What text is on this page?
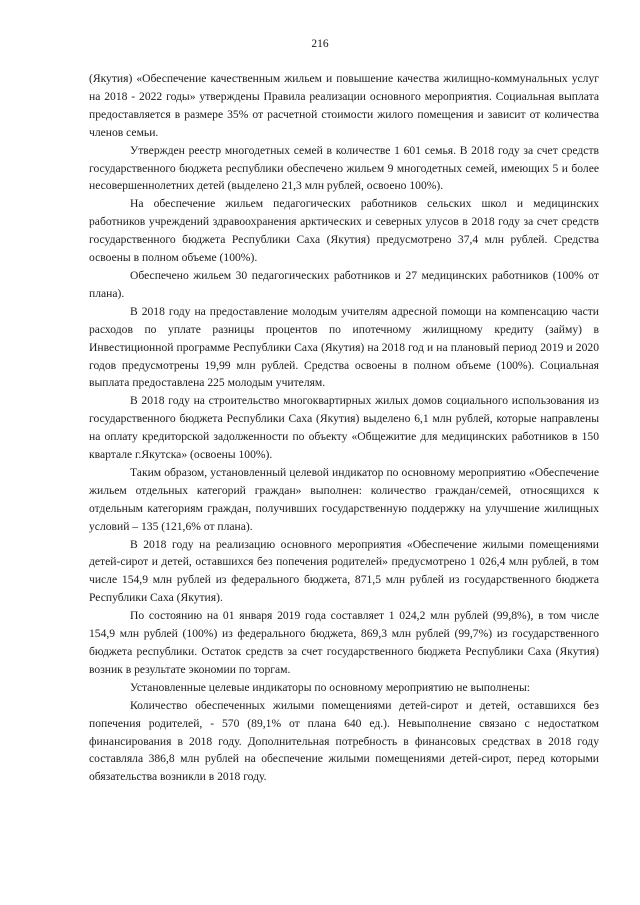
216

(Якутия) «Обеспечение качественным жильем и повышение качества жилищно-коммунальных услуг на 2018 - 2022 годы» утверждены Правила реализации основного мероприятия. Социальная выплата предоставляется в размере 35% от расчетной стоимости жилого помещения и зависит от количества членов семьи.

Утвержден реестр многодетных семей в количестве 1 601 семья. В 2018 году за счет средств государственного бюджета республики обеспечено жильем 9 многодетных семей, имеющих 5 и более несовершеннолетних детей (выделено 21,3 млн рублей, освоено 100%).

На обеспечение жильем педагогических работников сельских школ и медицинских работников учреждений здравоохранения арктических и северных улусов в 2018 году за счет средств государственного бюджета Республики Саха (Якутия) предусмотрено 37,4 млн рублей. Средства освоены в полном объеме (100%).

Обеспечено жильем 30 педагогических работников и 27 медицинских работников (100% от плана).

В 2018 году на предоставление молодым учителям адресной помощи на компенсацию части расходов по уплате разницы процентов по ипотечному жилищному кредиту (займу) в Инвестиционной программе Республики Саха (Якутия) на 2018 год и на плановый период 2019 и 2020 годов предусмотрены 19,99 млн рублей. Средства освоены в полном объеме (100%). Социальная выплата предоставлена 225 молодым учителям.

В 2018 году на строительство многоквартирных жилых домов социального использования из государственного бюджета Республики Саха (Якутия) выделено 6,1 млн рублей, которые направлены на оплату кредиторской задолженности по объекту «Общежитие для медицинских работников в 150 квартале г.Якутска» (освоены 100%).

Таким образом, установленный целевой индикатор по основному мероприятию «Обеспечение жильем отдельных категорий граждан» выполнен: количество граждан/семей, относящихся к отдельным категориям граждан, получивших государственную поддержку на улучшение жилищных условий – 135 (121,6% от плана).

В 2018 году на реализацию основного мероприятия «Обеспечение жилыми помещениями детей-сирот и детей, оставшихся без попечения родителей» предусмотрено 1 026,4 млн рублей, в том числе 154,9 млн рублей из федерального бюджета, 871,5 млн рублей из государственного бюджета Республики Саха (Якутия).

По состоянию на 01 января 2019 года составляет 1 024,2 млн рублей (99,8%), в том числе 154,9 млн рублей (100%) из федерального бюджета, 869,3 млн рублей (99,7%) из государственного бюджета республики. Остаток средств за счет государственного бюджета Республики Саха (Якутия) возник в результате экономии по торгам.

Установленные целевые индикаторы по основному мероприятию не выполнены:

Количество обеспеченных жилыми помещениями детей-сирот и детей, оставшихся без попечения родителей, - 570 (89,1% от плана 640 ед.). Невыполнение связано с недостатком финансирования в 2018 году. Дополнительная потребность в финансовых средствах в 2018 году составляла 386,8 млн рублей на обеспечение жилыми помещениями детей-сирот, перед которыми обязательства возникли в 2018 году.
